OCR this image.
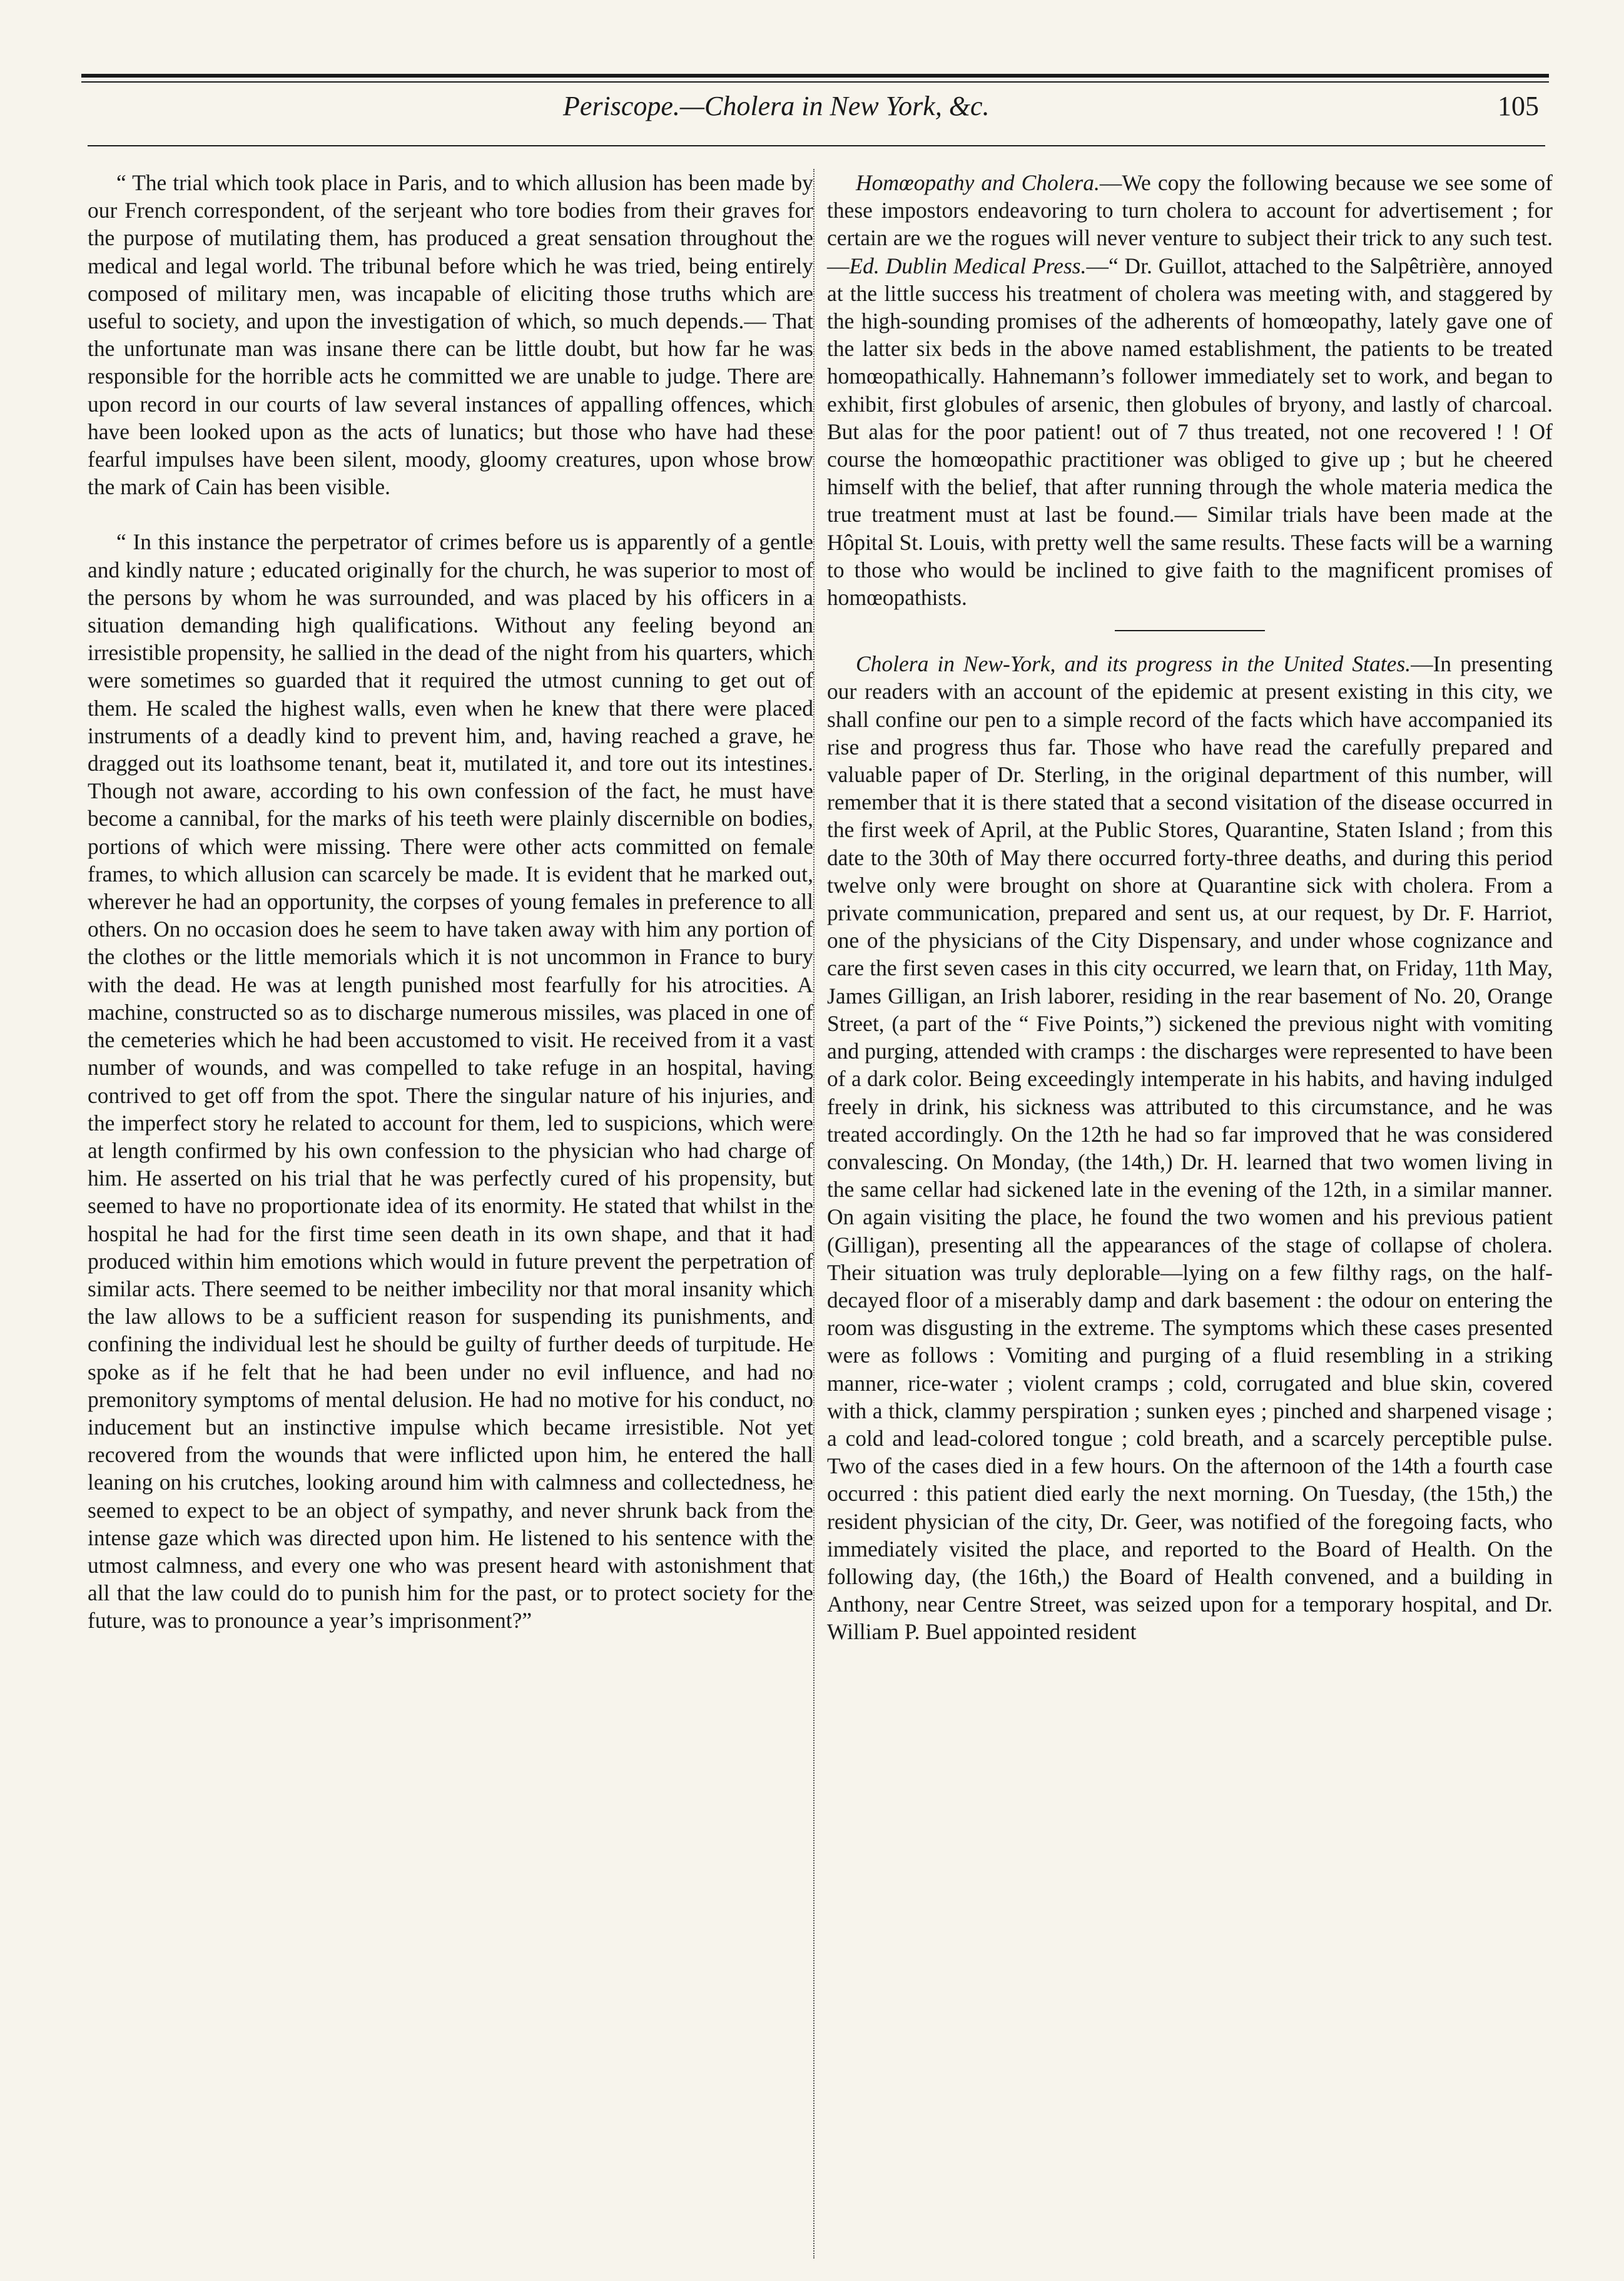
Periscope.—Cholera in New York, &c.	105

“ The trial which took place in Paris, and to which allusion has been made by our French correspondent, of the serjeant who tore bodies from their graves for the purpose of mutilating them, has produced a great sensation throughout the medical and legal world. The tribunal before which he was tried, being entirely composed of military men, was incapable of eliciting those truths which are useful to society, and upon the investigation of which, so much depends.— That the unfortunate man was insane there can be little doubt, but how far he was responsible for the horrible acts he committed we are unable to judge. There are upon record in our courts of law several instances of appalling offences, which have been looked upon as the acts of lunatics; but those who have had these fearful impulses have been silent, moody, gloomy creatures, upon whose brow the mark of Cain has been visible.

“ In this instance the perpetrator of crimes before us is apparently of a gentle and kindly nature ; educated originally for the church, he was superior to most of the persons by whom he was surrounded, and was placed by his officers in a situation demanding high qualifications. Without any feeling beyond an irresistible propensity, he sallied in the dead of the night from his quarters, which were sometimes so guarded that it required the utmost cunning to get out of them. He scaled the highest walls, even when he knew that there were placed instruments of a deadly kind to prevent him, and, having reached a grave, he dragged out its loathsome tenant, beat it, mutilated it, and tore out its intestines. Though not aware, according to his own confession of the fact, he must have become a cannibal, for the marks of his teeth were plainly discernible on bodies, portions of which were missing. There were other acts committed on female frames, to which allusion can scarcely be made. It is evident that he marked out, wherever he had an opportunity, the corpses of young females in preference to all others. On no occasion does he seem to have taken away with him any portion of the clothes or the little memorials which it is not uncommon in France to bury with the dead. He was at length punished most fearfully for his atrocities. A machine, constructed so as to discharge numerous missiles, was placed in one of the cemeteries which he had been accustomed to visit. He received from it a vast number of wounds, and was compelled to take refuge in an hospital, having contrived to get off from the spot. There the singular nature of his injuries, and the imperfect story he related to account for them, led to suspicions, which were at length confirmed by his own confession to the physician who had charge of him. He asserted on his trial that he was perfectly cured of his propensity, but seemed to have no proportionate idea of its enormity. He stated that whilst in the hospital he had for the first time seen death in its own shape, and that it had produced within him emotions which would in future prevent the perpetration of similar acts. There seemed to be neither imbecility nor that moral insanity which the law allows to be a sufficient reason for suspending its punishments, and confining the individual lest he should be guilty of further deeds of turpitude. He spoke as if he felt that he had been under no evil influence, and had no premonitory symptoms of mental delusion. He had no motive for his conduct, no inducement but an instinctive impulse which became irresistible. Not yet recovered from the wounds that were inflicted upon him, he entered the hall leaning on his crutches, looking around him with calmness and collectedness, he seemed to expect to be an object of sympathy, and never shrunk back from the intense gaze which was directed upon him. He listened to his sentence with the utmost calmness, and every one who was present heard with astonishment that all that the law could do to punish him for the past, or to protect society for the future, was to pronounce a year’s imprisonment?”

Homœopathy and Cholera.—We copy the following because we see some of these impostors endeavoring to turn cholera to account for advertisement ; for certain are we the rogues will never venture to subject their trick to any such test.—Ed. Dublin Medical Press.—“ Dr. Guillot, attached to the Salpêtrière, annoyed at the little success his treatment of cholera was meeting with, and staggered by the high-sounding promises of the adherents of homœopathy, lately gave one of the latter six beds in the above named establishment, the patients to be treated homœopathically. Hahnemann’s follower immediately set to work, and began to exhibit, first globules of arsenic, then globules of bryony, and lastly of charcoal. But alas for the poor patient! out of 7 thus treated, not one recovered ! ! Of course the homœopathic practitioner was obliged to give up ; but he cheered himself with the belief, that after running through the whole materia medica the true treatment must at last be found.— Similar trials have been made at the Hôpital St. Louis, with pretty well the same results. These facts will be a warning to those who would be inclined to give faith to the magnificent promises of homœopathists.

Cholera in New-York, and its progress in the United States.—In presenting our readers with an account of the epidemic at present existing in this city, we shall confine our pen to a simple record of the facts which have accompanied its rise and progress thus far. Those who have read the carefully prepared and valuable paper of Dr. Sterling, in the original department of this number, will remember that it is there stated that a second visitation of the disease occurred in the first week of April, at the Public Stores, Quarantine, Staten Island ; from this date to the 30th of May there occurred forty-three deaths, and during this period twelve only were brought on shore at Quarantine sick with cholera. From a private communication, prepared and sent us, at our request, by Dr. F. Harriot, one of the physicians of the City Dispensary, and under whose cognizance and care the first seven cases in this city occurred, we learn that, on Friday, 11th May, James Gilligan, an Irish laborer, residing in the rear basement of No. 20, Orange Street, (a part of the “ Five Points,”) sickened the previous night with vomiting and purging, attended with cramps : the discharges were represented to have been of a dark color. Being exceedingly intemperate in his habits, and having indulged freely in drink, his sickness was attributed to this circumstance, and he was treated accordingly. On the 12th he had so far improved that he was considered convalescing. On Monday, (the 14th,) Dr. H. learned that two women living in the same cellar had sickened late in the evening of the 12th, in a similar manner. On again visiting the place, he found the two women and his previous patient (Gilligan), presenting all the appearances of the stage of collapse of cholera. Their situation was truly deplorable—lying on a few filthy rags, on the half-decayed floor of a miserably damp and dark basement : the odour on entering the room was disgusting in the extreme. The symptoms which these cases presented were as follows : Vomiting and purging of a fluid resembling in a striking manner, rice-water ; violent cramps ; cold, corrugated and blue skin, covered with a thick, clammy perspiration ; sunken eyes ; pinched and sharpened visage ; a cold and lead-colored tongue ; cold breath, and a scarcely perceptible pulse. Two of the cases died in a few hours. On the afternoon of the 14th a fourth case occurred : this patient died early the next morning. On Tuesday, (the 15th,) the resident physician of the city, Dr. Geer, was notified of the foregoing facts, who immediately visited the place, and reported to the Board of Health. On the following day, (the 16th,) the Board of Health convened, and a building in Anthony, near Centre Street, was seized upon for a temporary hospital, and Dr. William P. Buel appointed resident
